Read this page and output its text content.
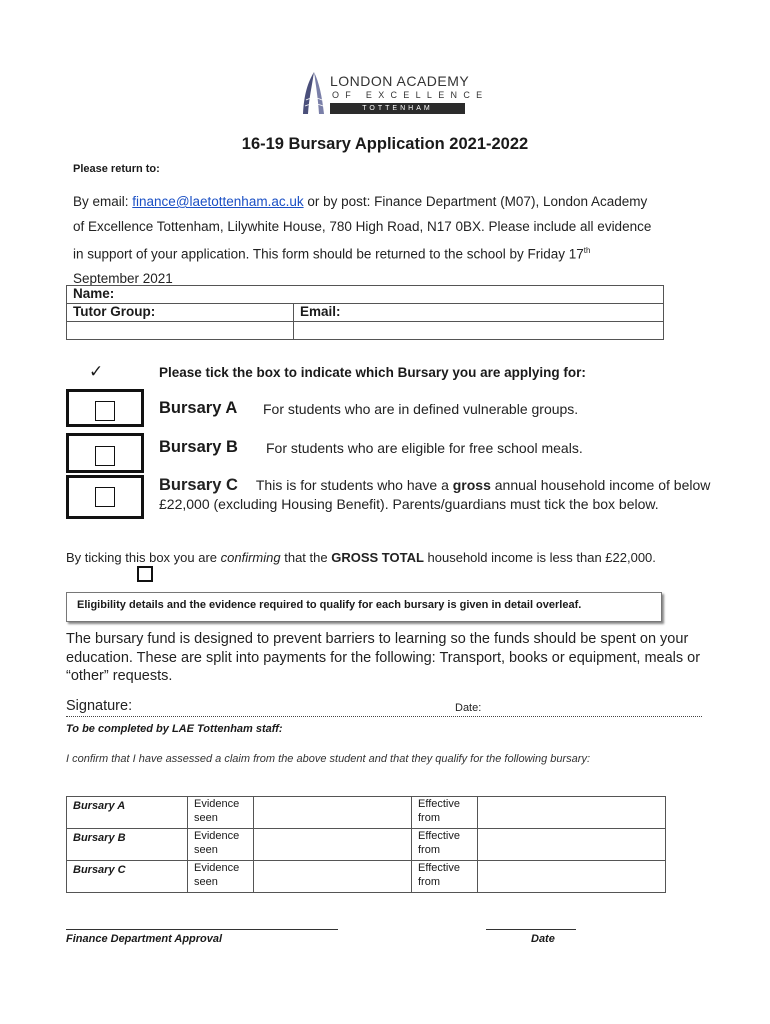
LONDON ACADEMY
OF EXCELLENCE
TOTTENHAM
16-19 Bursary Application 2021-2022
Please return to:
By email: finance@laetottenham.ac.uk or by post: Finance Department (M07), London Academy of Excellence Tottenham, Lilywhite House, 780 High Road, N17 0BX. Please include all evidence in support of your application. This form should be returned to the school by Friday 17th September 2021
Name:	
Tutor Group:	Email:

✓	Please tick the box to indicate which Bursary you are applying for:
Bursary A For students who are in defined vulnerable groups.
Bursary B For students who are eligible for free school meals.
Bursary C This is for students who have a gross annual household income of below £22,000 (excluding Housing Benefit). Parents/guardians must tick the box below.
By ticking this box you are confirming that the GROSS TOTAL household income is less than £22,000.
Eligibility details and the evidence required to qualify for each bursary is given in detail overleaf.
The bursary fund is designed to prevent barriers to learning so the funds should be spent on your education. These are split into payments for the following: Transport, books or equipment, meals or “other” requests.
Signature:	Date:
To be completed by LAE Tottenham staff:
I confirm that I have assessed a claim from the above student and that they qualify for the following bursary:
Bursary A	Evidence seen		Effective from	
Bursary B	Evidence seen		Effective from	
Bursary C	Evidence seen		Effective from	
Finance Department Approval	Date
